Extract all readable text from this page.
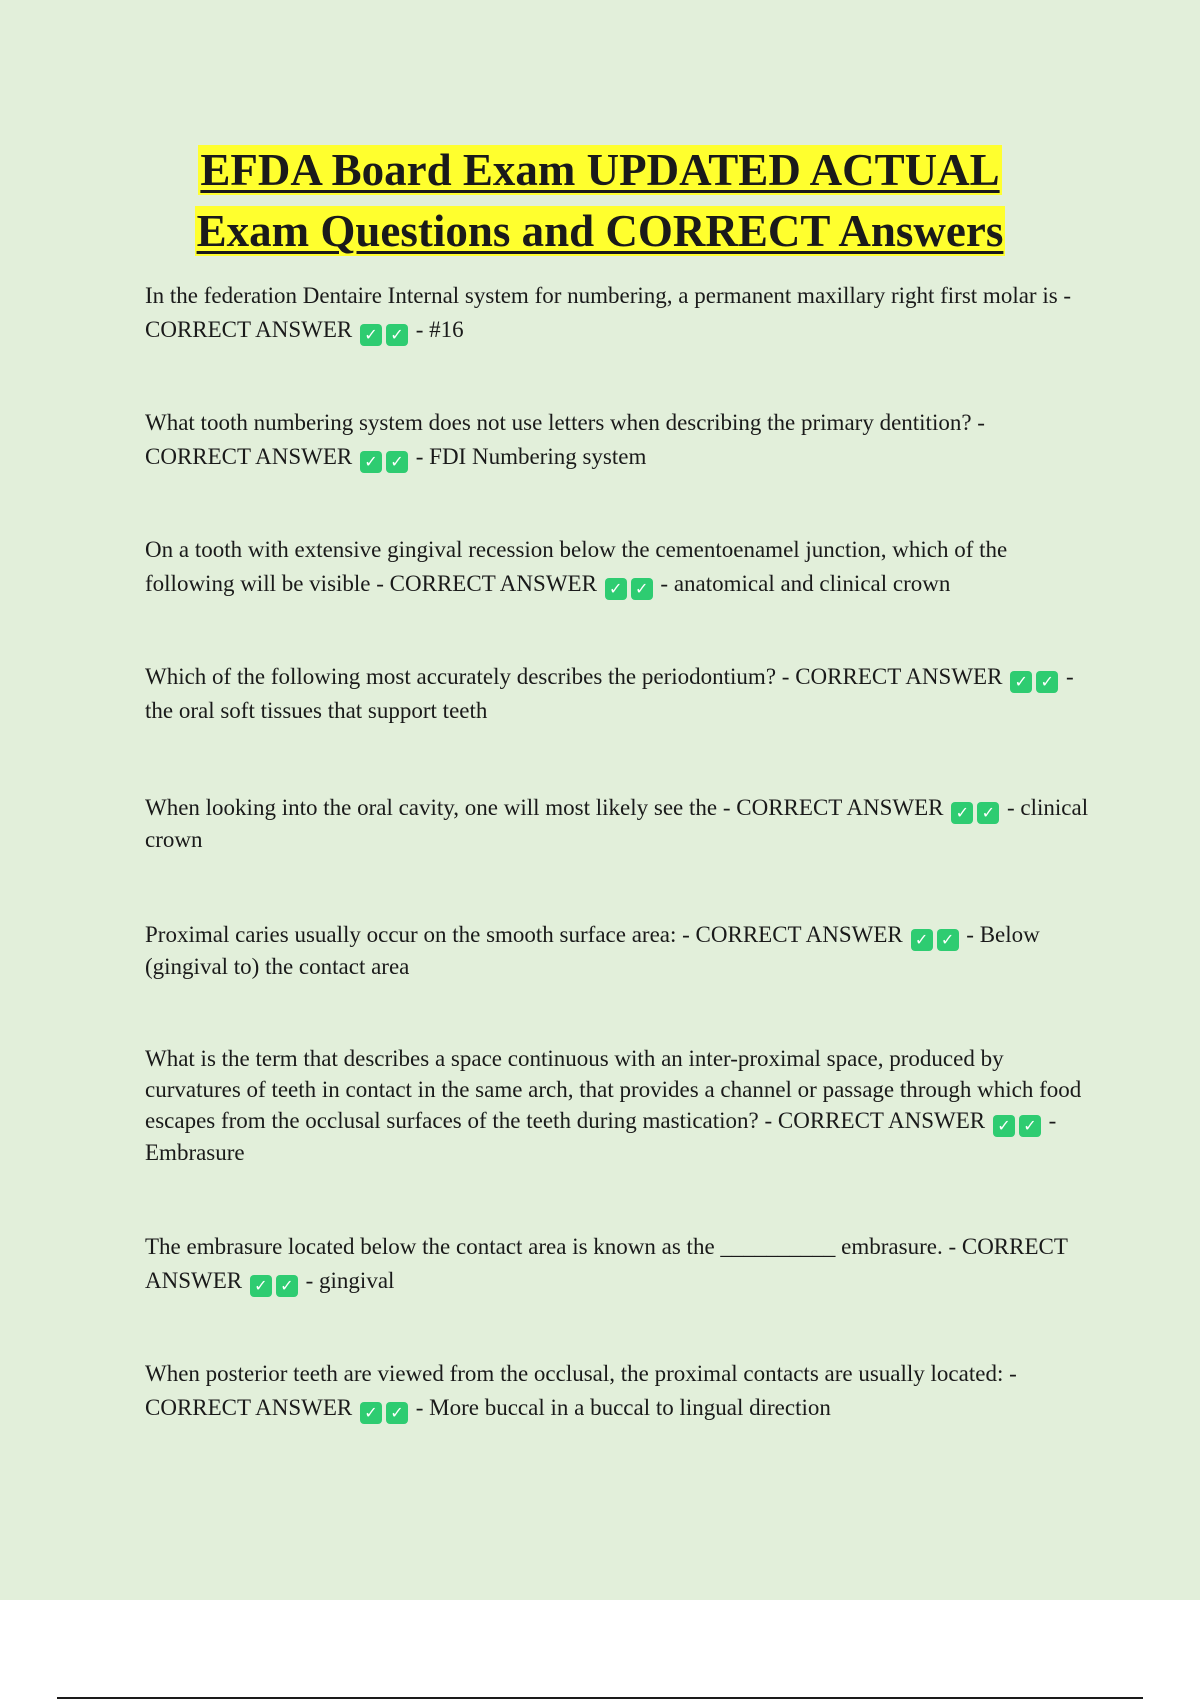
EFDA Board Exam UPDATED ACTUAL
Exam Questions and CORRECT Answers

In the federation Dentaire Internal system for numbering, a permanent maxillary right first molar is - CORRECT ANSWER ✓ ✓ - #16

What tooth numbering system does not use letters when describing the primary dentition? - CORRECT ANSWER ✓ ✓ - FDI Numbering system

On a tooth with extensive gingival recession below the cementoenamel junction, which of the following will be visible - CORRECT ANSWER ✓ ✓ - anatomical and clinical crown

Which of the following most accurately describes the periodontium? - CORRECT ANSWER ✓ ✓ - the oral soft tissues that support teeth

When looking into the oral cavity, one will most likely see the - CORRECT ANSWER ✓ ✓ - clinical crown

Proximal caries usually occur on the smooth surface area: - CORRECT ANSWER ✓ ✓ - Below (gingival to) the contact area

What is the term that describes a space continuous with an inter-proximal space, produced by curvatures of teeth in contact in the same arch, that provides a channel or passage through which food escapes from the occlusal surfaces of the teeth during mastication? - CORRECT ANSWER ✓ ✓ - Embrasure

The embrasure located below the contact area is known as the __________ embrasure. - CORRECT ANSWER ✓ ✓ - gingival

When posterior teeth are viewed from the occlusal, the proximal contacts are usually located: - CORRECT ANSWER ✓ ✓ - More buccal in a buccal to lingual direction
